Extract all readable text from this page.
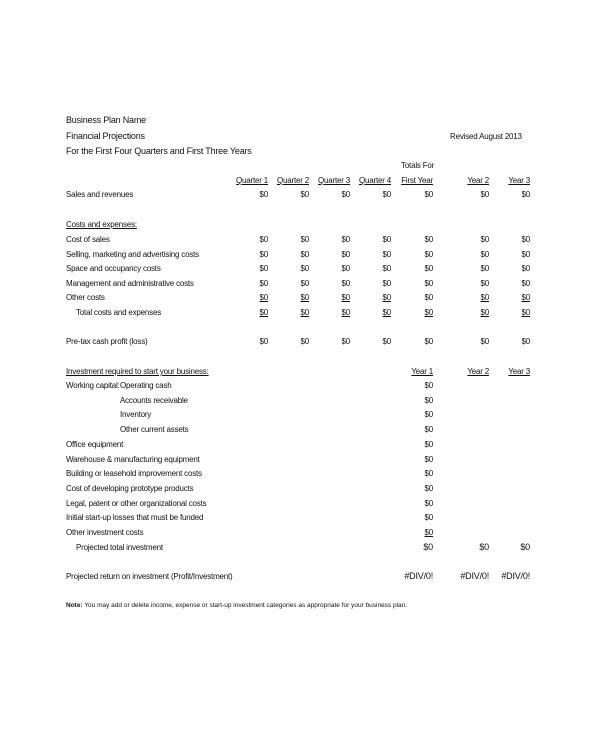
Business Plan Name
Financial Projections
For the First Four Quarters and First Three Years
Revised August 2013
Totals For
Quarter 1	Quarter 2	Quarter 3	Quarter 4	First Year	Year 2	Year 3
Sales and revenues	$0	$0	$0	$0	$0	$0	$0
Costs and expenses:
Cost of sales	$0	$0	$0	$0	$0	$0	$0
Selling, marketing and advertising costs	$0	$0	$0	$0	$0	$0	$0
Space and occupancy costs	$0	$0	$0	$0	$0	$0	$0
Management and administrative costs	$0	$0	$0	$0	$0	$0	$0
Other costs	$0	$0	$0	$0	$0	$0	$0
Total costs and expenses	$0	$0	$0	$0	$0	$0	$0
Pre-tax cash profit (loss)	$0	$0	$0	$0	$0	$0	$0
Investment required to start your business:	Year 1	Year 2	Year 3
Working capital: Operating cash	$0
Accounts receivable	$0
Inventory	$0
Other current assets	$0
Office equipment	$0
Warehouse & manufacturing equipment	$0
Building or leasehold improvement costs	$0
Cost of developing prototype products	$0
Legal, patent or other organizational costs	$0
Initial start-up losses that must be funded	$0
Other investment costs	$0
Projected total investment	$0	$0	$0
Projected return on investment (Profit/Investment)	#DIV/0!	#DIV/0!	#DIV/0!
Note: You may add or delete income, expense or start-up investment categories as appropriate for your business plan.
